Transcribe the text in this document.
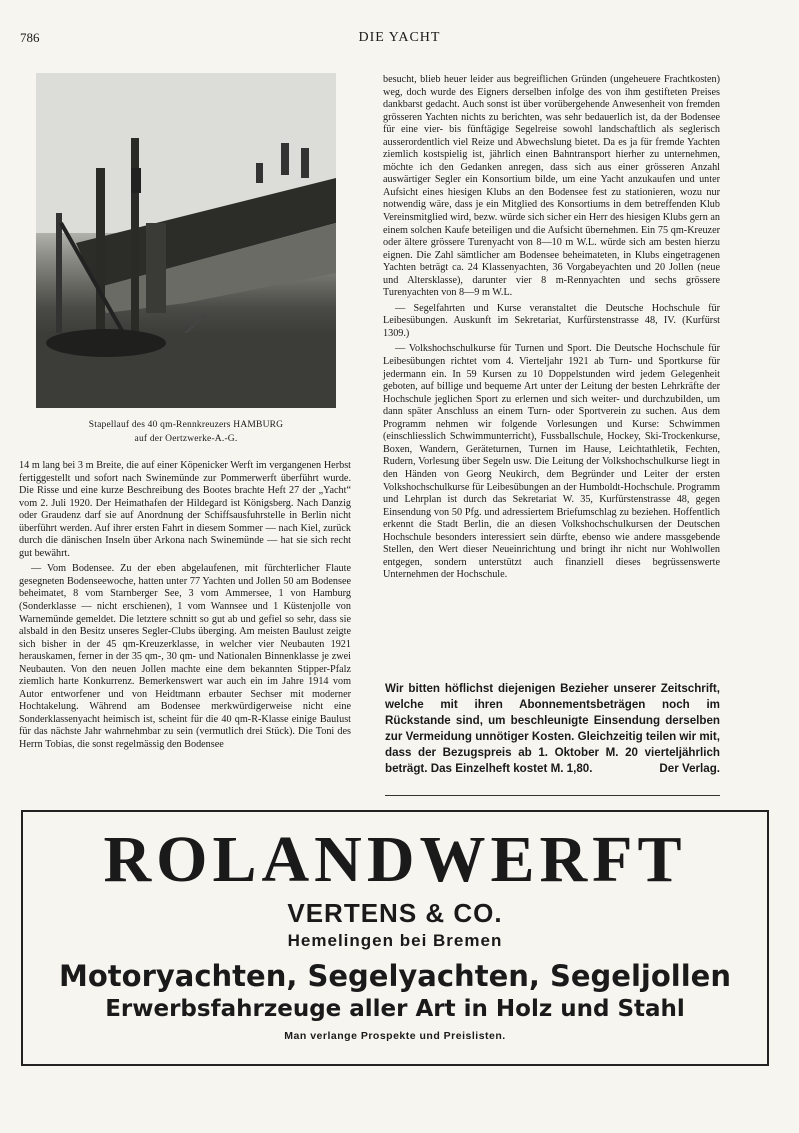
786	DIE YACHT
Stapellauf des 40 qm-Rennkreuzers HAMBURG
auf der Oertzwerke-A.-G.

14 m lang bei 3 m Breite, die auf einer Köpenicker Werft im vergangenen Herbst fertiggestellt und sofort nach Swinemünde zur Pommerwerft überführt wurde. Die Risse und eine kurze Beschreibung des Bootes brachte Heft 27 der „Yacht“ vom 2. Juli 1920. Der Heimathafen der Hildegard ist Königsberg. Nach Danzig oder Graudenz darf sie auf Anordnung der Schiffsausfuhrstelle in Berlin nicht überführt werden. Auf ihrer ersten Fahrt in diesem Sommer — nach Kiel, zurück durch die dänischen Inseln über Arkona nach Swinemünde — hat sie sich recht gut bewährt.

— Vom Bodensee. Zu der eben abgelaufenen, mit fürchterlicher Flaute gesegneten Bodenseewoche, hatten unter 77 Yachten und Jollen 50 am Bodensee beheimatet, 8 vom Starnberger See, 3 vom Ammersee, 1 von Hamburg (Sonderklasse — nicht erschienen), 1 vom Wannsee und 1 Küstenjolle von Warnemünde gemeldet. Die letztere schnitt so gut ab und gefiel so sehr, dass sie alsbald in den Besitz unseres Segler-Clubs überging. Am meisten Baulust zeigte sich bisher in der 45 qm-Kreuzerklasse, in welcher vier Neubauten 1921 herauskamen, ferner in der 35 qm-, 30 qm- und Nationalen Binnenklasse je zwei Neubauten. Von den neuen Jollen machte eine dem bekannten Stipper-Pfalz ziemlich harte Konkurrenz. Bemerkenswert war auch ein im Jahre 1914 vom Autor entworfener und von Heidtmann erbauter Sechser mit moderner Hochtakelung. Während am Bodensee merkwürdigerweise nicht eine Sonderklassenyacht heimisch ist, scheint für die 40 qm-R-Klasse einige Baulust für das nächste Jahr wahrnehmbar zu sein (vermutlich drei Stück). Die Toni des Herrn Tobias, die sonst regelmässig den Bodensee

besucht, blieb heuer leider aus begreiflichen Gründen (ungeheuere Frachtkosten) weg, doch wurde des Eigners derselben infolge des von ihm gestifteten Preises dankbarst gedacht. Auch sonst ist über vorübergehende Anwesenheit von fremden grösseren Yachten nichts zu berichten, was sehr bedauerlich ist, da der Bodensee für eine vier- bis fünftägige Segelreise sowohl landschaftlich als seglerisch ausserordentlich viel Reize und Abwechslung bietet. Da es ja für fremde Yachten ziemlich kostspielig ist, jährlich einen Bahntransport hierher zu unternehmen, möchte ich den Gedanken anregen, dass sich aus einer grösseren Anzahl auswärtiger Segler ein Konsortium bilde, um eine Yacht anzukaufen und unter Aufsicht eines hiesigen Klubs an den Bodensee fest zu stationieren, wozu nur notwendig wäre, dass je ein Mitglied des Konsortiums in dem betreffenden Klub Vereinsmitglied wird, bezw. würde sich sicher ein Herr des hiesigen Klubs gern an einem solchen Kaufe beteiligen und die Aufsicht übernehmen. Ein 75 qm-Kreuzer oder ältere grössere Turenyacht von 8—10 m W.L. würde sich am besten hierzu eignen. Die Zahl sämtlicher am Bodensee beheimateten, in Klubs eingetragenen Yachten beträgt ca. 24 Klassenyachten, 36 Vorgabeyachten und 20 Jollen (neue und Altersklasse), darunter vier 8 m-Rennyachten und sechs grössere Turenyachten von 8—9 m W.L.

— Segelfahrten und Kurse veranstaltet die Deutsche Hochschule für Leibesübungen. Auskunft im Sekretariat, Kurfürstenstrasse 48, IV. (Kurfürst 1309.)

— Volkshochschulkurse für Turnen und Sport. Die Deutsche Hochschule für Leibesübungen richtet vom 4. Vierteljahr 1921 ab Turn- und Sportkurse für jedermann ein. In 59 Kursen zu 10 Doppelstunden wird jedem Gelegenheit geboten, auf billige und bequeme Art unter der Leitung der besten Lehrkräfte der Hochschule jeglichen Sport zu erlernen und sich weiter- und durchzubilden, um dann später Anschluss an einem Turn- oder Sportverein zu suchen. Aus dem Programm nehmen wir folgende Vorlesungen und Kurse: Schwimmen (einschliesslich Schwimmunterricht), Fussballschule, Hockey, Ski-Trockenkurse, Boxen, Wandern, Geräteturnen, Turnen im Hause, Leichtathletik, Fechten, Rudern, Vorlesung über Segeln usw. Die Leitung der Volkshochschulkurse liegt in den Händen von Georg Neukirch, dem Begründer und Leiter der ersten Volkshochschulkurse für Leibesübungen an der Humboldt-Hochschule. Programm und Lehrplan ist durch das Sekretariat W. 35, Kurfürstenstrasse 48, gegen Einsendung von 50 Pfg. und adressiertem Briefumschlag zu beziehen. Hoffentlich erkennt die Stadt Berlin, die an diesen Volkshochschulkursen der Deutschen Hochschule besonders interessiert sein dürfte, ebenso wie andere massgebende Stellen, den Wert dieser Neueinrichtung und bringt ihr nicht nur Wohlwollen entgegen, sondern unterstützt auch finanziell dieses begrüssenswerte Unternehmen der Hochschule.

Wir bitten höflichst diejenigen Bezieher unserer Zeitschrift, welche mit ihren Abonnementsbeträgen noch im Rückstande sind, um beschleunigte Einsendung derselben zur Vermeidung unnötiger Kosten. Gleichzeitig teilen wir mit, dass der Bezugspreis ab 1. Oktober M. 20 vierteljährlich beträgt. Das Einzelheft kostet M. 1,80.	Der Verlag.
ROLANDWERFT
VERTENS & CO.
Hemelingen bei Bremen
Motoryachten, Segelyachten, Segeljollen
Erwerbsfahrzeuge aller Art in Holz und Stahl
Man verlange Prospekte und Preislisten.
